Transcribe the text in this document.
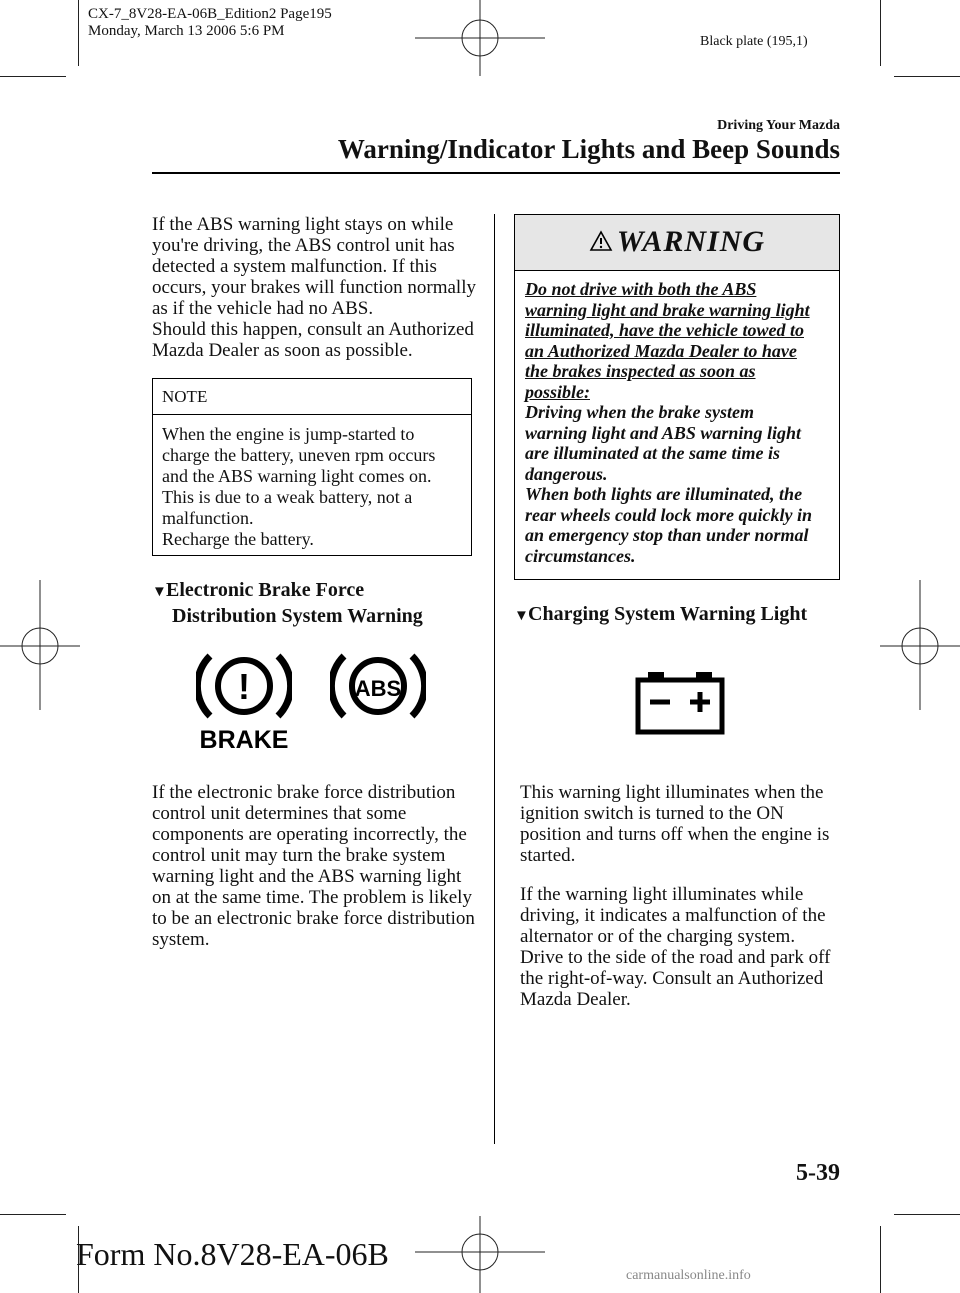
CX-7_8V28-EA-06B_Edition2 Page195
Monday, March 13 2006 5:6 PM
Black plate (195,1)
Driving Your Mazda
Warning/Indicator Lights and Beep Sounds
If the ABS warning light stays on while
you're driving, the ABS control unit has
detected a system malfunction. If this
occurs, your brakes will function normally
as if the vehicle had no ABS.
Should this happen, consult an Authorized
Mazda Dealer as soon as possible.
NOTE
When the engine is jump-started to
charge the battery, uneven rpm occurs
and the ABS warning light comes on.
This is due to a weak battery, not a
malfunction.
Recharge the battery.
▼Electronic Brake Force
Distribution System Warning
!
BRAKE
ABS
If the electronic brake force distribution
control unit determines that some
components are operating incorrectly, the
control unit may turn the brake system
warning light and the ABS warning light
on at the same time. The problem is likely
to be an electronic brake force distribution
system.
WARNING
Do not drive with both the ABS
warning light and brake warning light
illuminated, have the vehicle towed to
an Authorized Mazda Dealer to have
the brakes inspected as soon as
possible:
Driving when the brake system
warning light and ABS warning light
are illuminated at the same time is
dangerous.
When both lights are illuminated, the
rear wheels could lock more quickly in
an emergency stop than under normal
circumstances.
▼Charging System Warning Light
This warning light illuminates when the
ignition switch is turned to the ON
position and turns off when the engine is
started.
If the warning light illuminates while
driving, it indicates a malfunction of the
alternator or of the charging system.
Drive to the side of the road and park off
the right-of-way. Consult an Authorized
Mazda Dealer.
5-39
Form No.8V28-EA-06B
carmanualsonline.info
